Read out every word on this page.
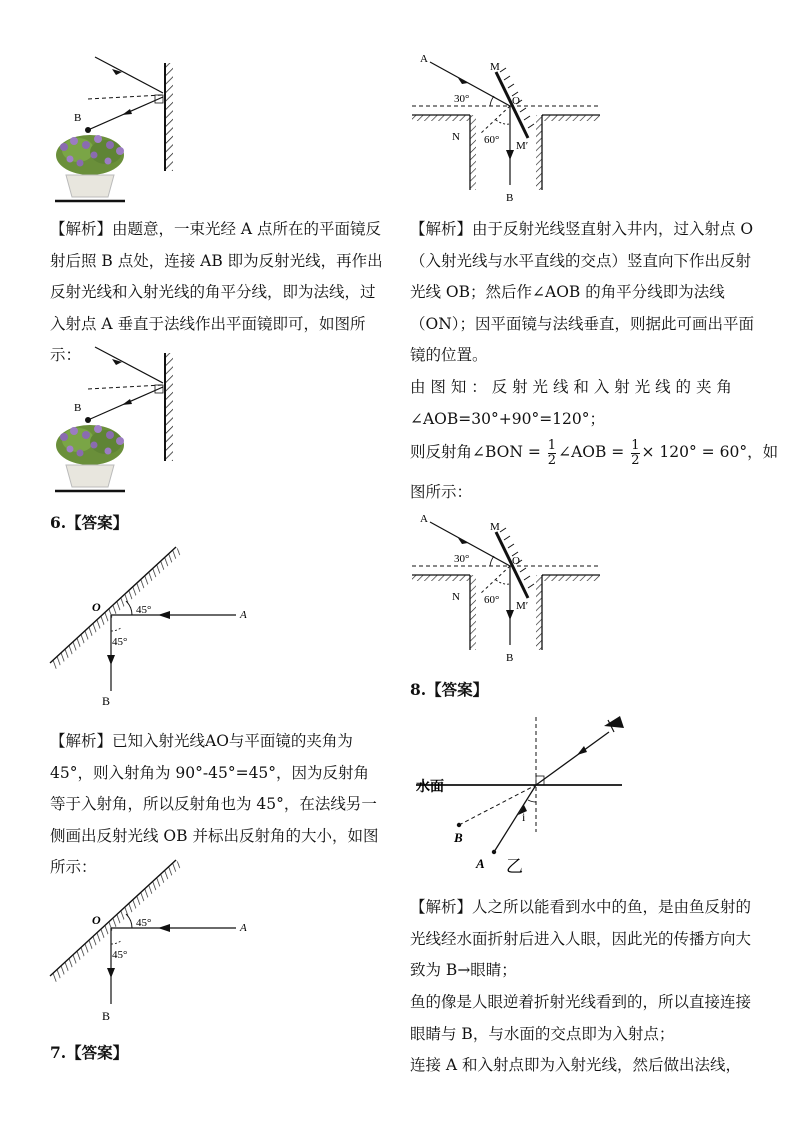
B
【解析】由题意，一束光经 A 点所在的平面镜反射后照 B 点处，连接 AB 即为反射光线，再作出反射光线和入射光线的角平分线，即为法线，过入射点 A 垂直于法线作出平面镜即可，如图所示：
B
6.【答案】
O	45°
45°
A
B
【解析】已知入射光线AO与平面镜的夹角为 45°，则入射角为 90°-45°=45°，因为反射角等于入射角，所以反射角也为 45°，在法线另一侧画出反射光线 OB 并标出反射角的大小，如图所示：
O	45°
45°
A
B
7.【答案】
A
M
O
30°
N 60° M′
B
【解析】由于反射光线竖直射入井内，过入射点 O（入射光线与水平直线的交点）竖直向下作出反射光线 OB；然后作∠AOB 的角平分线即为法线（ON）；因平面镜与法线垂直，则据此可画出平面镜的位置。
由 图 知 ： 反 射 光 线 和 入 射 光 线 的 夹 角
∠AOB=30°+90°=120°；
则反射角∠BON = $\frac{1}{2}$ ∠AOB = $\frac{1}{2} \times 120^\circ = 60^\circ$，如
图所示：
A
M
O
30°
N 60° M′
B
8.【答案】
水面
i
B
A 乙
【解析】人之所以能看到水中的鱼，是由鱼反射的光线经水面折射后进入人眼，因此光的传播方向大致为 B→眼睛；
鱼的像是人眼逆着折射光线看到的，所以直接连接眼睛与 B，与水面的交点即为入射点；
连接 A 和入射点即为入射光线，然后做出法线，
